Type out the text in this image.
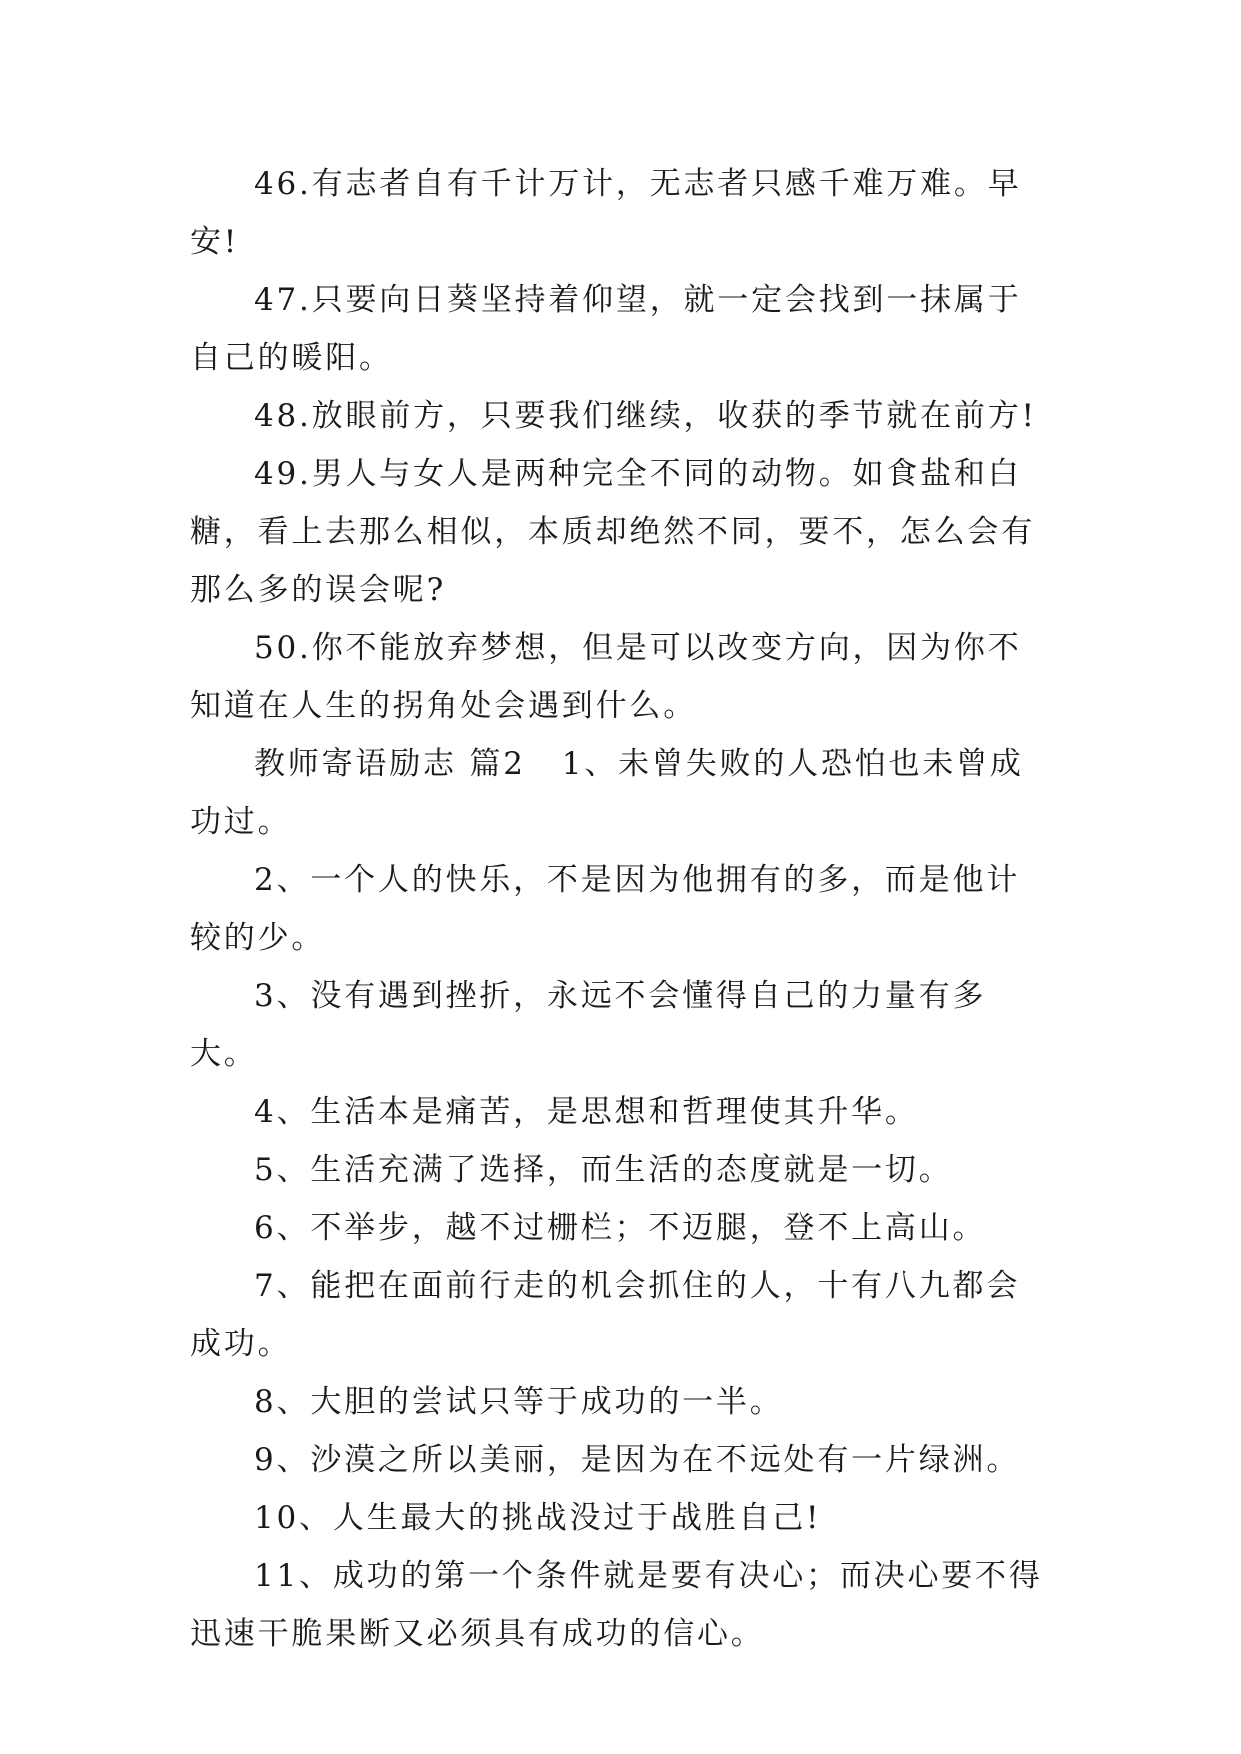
46.有志者自有千计万计，无志者只感千难万难。早安!

47.只要向日葵坚持着仰望，就一定会找到一抹属于自己的暖阳。

48.放眼前方，只要我们继续，收获的季节就在前方!

49.男人与女人是两种完全不同的动物。如食盐和白糖，看上去那么相似，本质却绝然不同，要不，怎么会有那么多的误会呢?

50.你不能放弃梦想，但是可以改变方向，因为你不知道在人生的拐角处会遇到什么。

教师寄语励志 篇2 1、未曾失败的人恐怕也未曾成功过。

2、一个人的快乐，不是因为他拥有的多，而是他计较的少。

3、没有遇到挫折，永远不会懂得自己的力量有多大。

4、生活本是痛苦，是思想和哲理使其升华。

5、生活充满了选择，而生活的态度就是一切。

6、不举步，越不过栅栏；不迈腿，登不上高山。

7、能把在面前行走的机会抓住的人，十有八九都会成功。

8、大胆的尝试只等于成功的一半。

9、沙漠之所以美丽，是因为在不远处有一片绿洲。

10、人生最大的挑战没过于战胜自己!

11、成功的第一个条件就是要有决心；而决心要不得迅速干脆果断又必须具有成功的信心。
